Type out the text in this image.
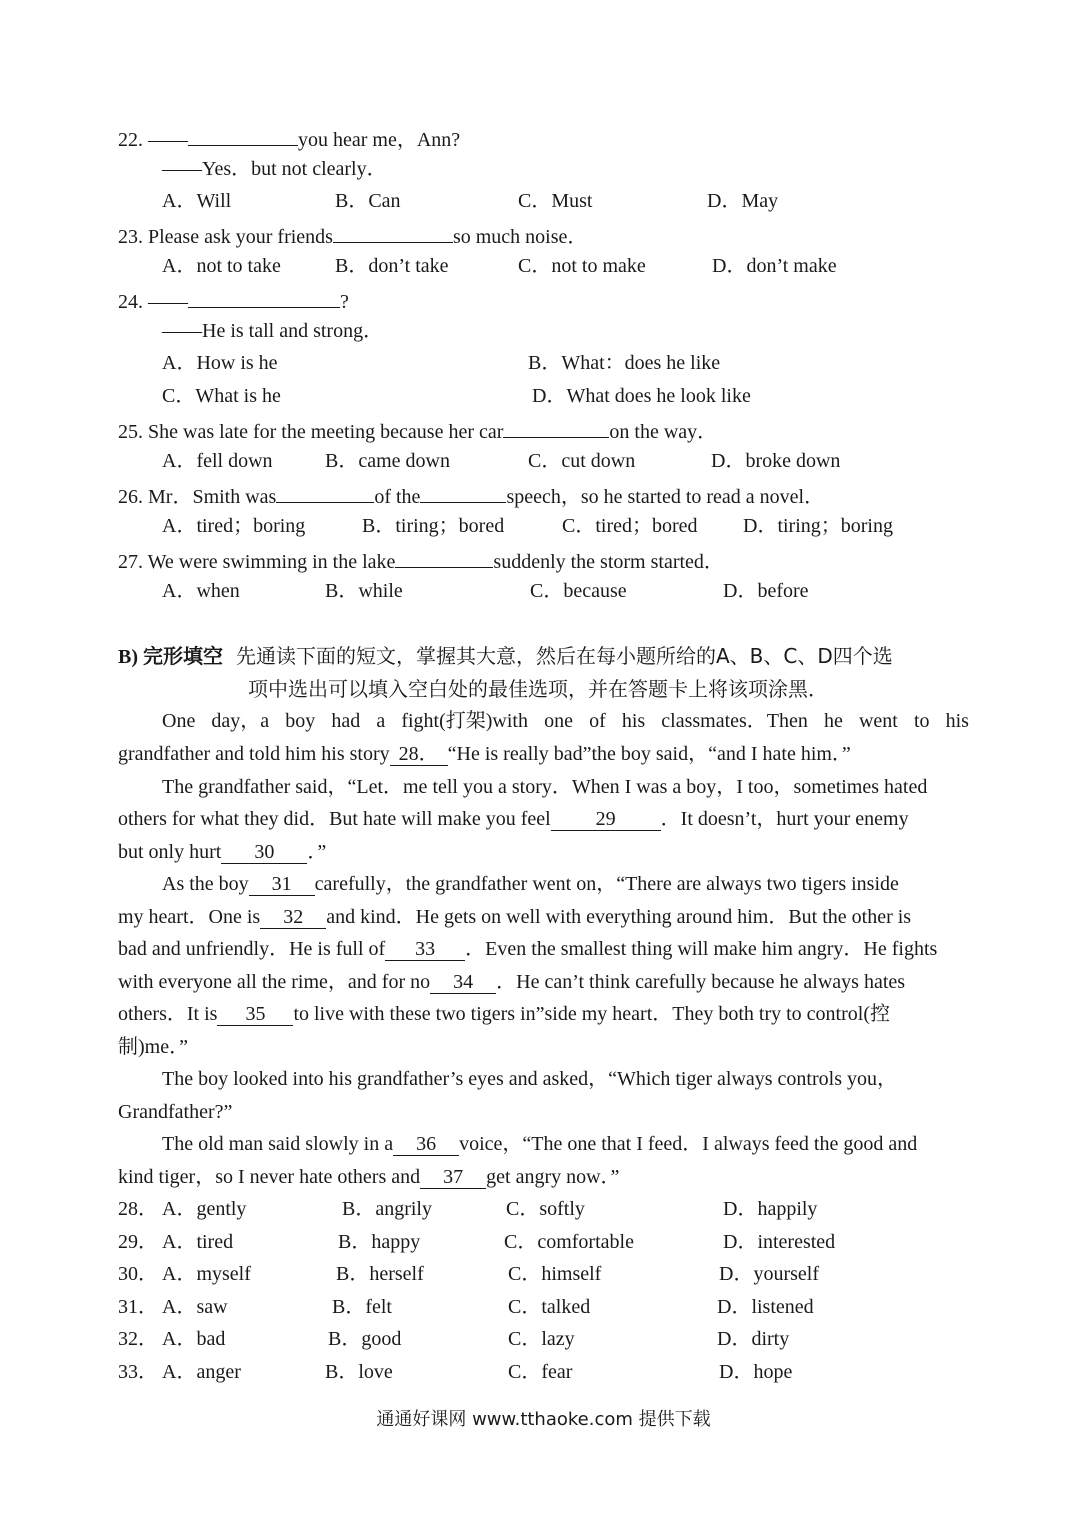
22. ——	you hear me，Ann?
——Yes．but not clearly．
A．Will	B．Can	C．Must	D．May
23. Please ask your friends	so much noise．
A．not to take	B．don’t take	C．not to make	D．don’t make
24. ——	?
——He is tall and strong．
A．How is he	B．What：does he like
C．What is he	D．What does he look like
25. She was late for the meeting because her car	on the way．
A．fell down	B．came down	C．cut down	D．broke down
26. Mr．Smith was	of the	speech，so he started to read a novel．
A．tired；boring	B．tiring；bored	C．tired；bored D．tiring；boring
27. We were swimming in the lake	suddenly the storm started．
A．when	B．while	C．because	D．before
B) 完形填空 先通读下面的短文，掌握其大意，然后在每小题所给的A、B、C、D四个选
项中选出可以填入空白处的最佳选项，并在答题卡上将该项涂黑．
One day，a boy had a fight(打架)with one of his classmates．Then he went to his
grandfather and told him his story 28． “He is really bad”the boy said，“and I hate him．”
The grandfather said，“Let．me tell you a story．When I was a boy，I too，sometimes hated
others for what they did．But hate will make you feel 29 ．It doesn’t，hurt your enemy
but only hurt 30 ．”
As the boy 31 carefully，the grandfather went on，“There are always two tigers inside
my heart．One is 32 and kind．He gets on well with everything around him．But the other is
bad and unfriendly．He is full of 33 ．Even the smallest thing will make him angry．He fights
with everyone all the rime，and for no 34 ．He can’t think carefully because he always hates
others．It is 35 to live with these two tigers in”side my heart．They both try to control(控
制)me．”
The boy looked into his grandfather’s eyes and asked，“Which tiger always controls you，
Grandfather?”
The old man said slowly in a 36 voice，“The one that I feed．I always feed the good and
kind tiger，so I never hate others and 37 get angry now．”
28． A．gently	B．angrily	C．softly	D．happily
29． A．tired	B．happy	C．comfortable	D．interested
30． A．myself	B．herself	C．himself	D．yourself
31． A．saw	B．felt	C．talked	D．listened
32． A．bad	B．good	C．lazy	D．dirty
33． A．anger	B．love	C．fear	D．hope
通通好课网 www.tthaoke.com 提供下载
